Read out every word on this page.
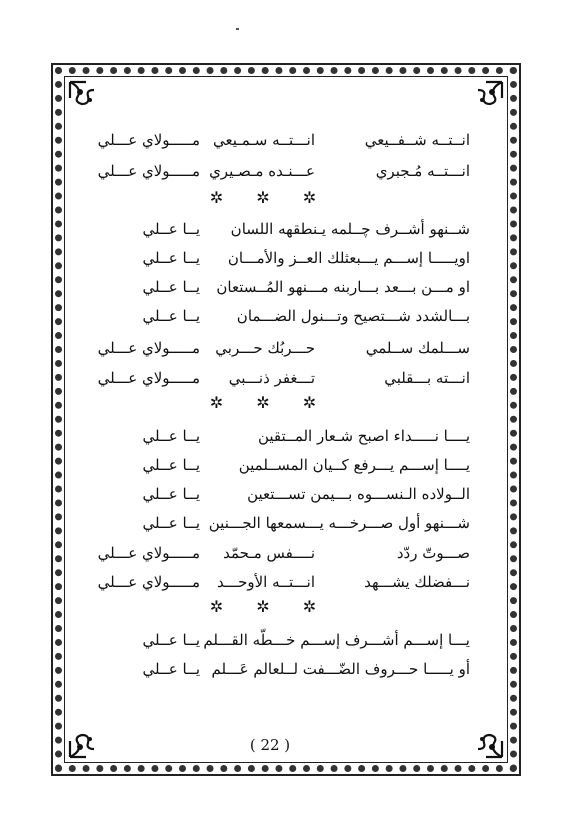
انــتــه شــفــيعي
انـــتــه سـمـيعي
مـــــولاي عـــلي
انـــتــه مُـجبري
عـــنـده مـصـيري
مـــــولاي عـــلي
✲ ✲ ✲
شــنهو أشــرف چــلمه يـنطقهه اللسان
يــا عــلي
اويـــــا إســـم يـــبعثلك العــز والأمـــان
يــا عــلي
او مـــن بـــعد بـــاربنه مـــنهو المُــستعان
يــا عــلي
بـــالشدد شـــتصيح وتـــنول الضـــمان
يــا عــلي
ســـلمك ســلمي
حـــربُك حـــربي
مـــــولاي عـــلي
انـــته بـــقلبي
تـــغفر ذنـــبي
مـــــولاي عـــلي
✲ ✲ ✲
يــــا نـــــداء اصبح شـعار المــتقين
يــا عــلي
يــــا إســـم يـــرفع كــيان المســلمين
يــا عــلي
الــولاده الـنســـوه بـــيمن تســـتعين
يــا عــلي
شـــنهو أول صـــرخـــه يـــسمعها الجـــنين
يــا عــلي
صـــوتّ ردّد
نــــفس مـحمّد
مـــــولاي عـــلي
نـــفضلك يشـــهد
انـــتــه الأوحـــد
مـــــولاي عـــلي
✲ ✲ ✲
يـــا إســـم أشـــرف إســـم خـــطّه القـــلم
يــا عــلي
أو يـــــا حـــروف الضّـــفت لــلعالم عَـــلم
يــا عــلي
( 22 )
